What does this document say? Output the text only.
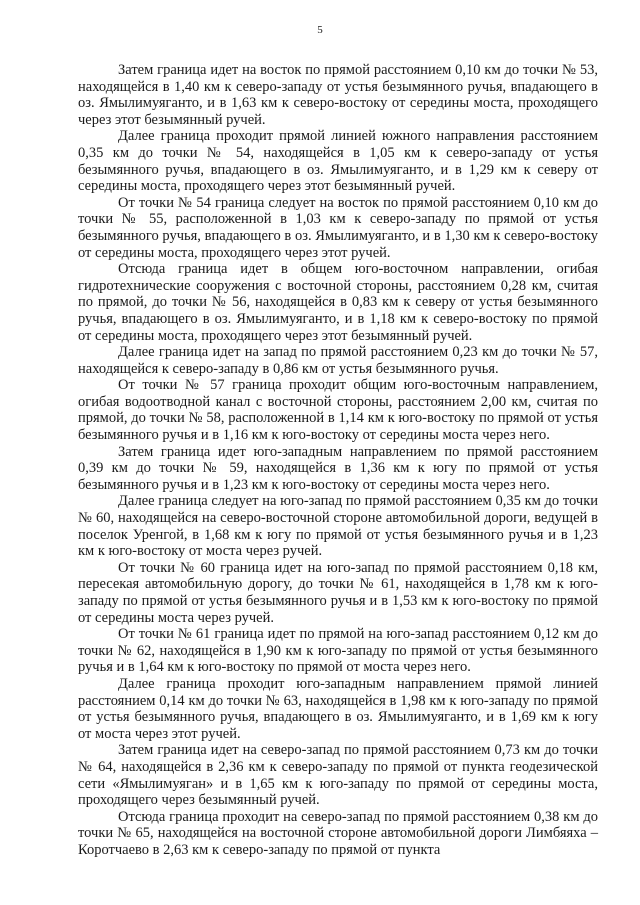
5

Затем граница идет на восток по прямой расстоянием 0,10 км до точки № 53, находящейся в 1,40 км к северо-западу от устья безымянного ручья, впадающего в оз. Ямылимуяганто, и в 1,63 км к северо-востоку от середины моста, проходящего через этот безымянный ручей.

Далее граница проходит прямой линией южного направления расстоянием 0,35 км до точки № 54, находящейся в 1,05 км к северо-западу от устья безымянного ручья, впадающего в оз. Ямылимуяганто, и в 1,29 км к северу от середины моста, проходящего через этот безымянный ручей.

От точки № 54 граница следует на восток по прямой расстоянием 0,10 км до точки № 55, расположенной в 1,03 км к северо-западу по прямой от устья безымянного ручья, впадающего в оз. Ямылимуяганто, и в 1,30 км к северо-востоку от середины моста, проходящего через этот ручей.

Отсюда граница идет в общем юго-восточном направлении, огибая гидротехнические сооружения с восточной стороны, расстоянием 0,28 км, считая по прямой, до точки № 56, находящейся в 0,83 км к северу от устья безымянного ручья, впадающего в оз. Ямылимуяганто, и в 1,18 км к северо-востоку по прямой от середины моста, проходящего через этот безымянный ручей.

Далее граница идет на запад по прямой расстоянием 0,23 км до точки № 57, находящейся к северо-западу в 0,86 км от устья безымянного ручья.

От точки № 57 граница проходит общим юго-восточным направлением, огибая водоотводной канал с восточной стороны, расстоянием 2,00 км, считая по прямой, до точки № 58, расположенной в 1,14 км к юго-востоку по прямой от устья безымянного ручья и в 1,16 км к юго-востоку от середины моста через него.

Затем граница идет юго-западным направлением по прямой расстоянием 0,39 км до точки № 59, находящейся в 1,36 км к югу по прямой от устья безымянного ручья и в 1,23 км к юго-востоку от середины моста через него.

Далее граница следует на юго-запад по прямой расстоянием 0,35 км до точки № 60, находящейся на северо-восточной стороне автомобильной дороги, ведущей в поселок Уренгой, в 1,68 км к югу по прямой от устья безымянного ручья и в 1,23 км к юго-востоку от моста через ручей.

От точки № 60 граница идет на юго-запад по прямой расстоянием 0,18 км, пересекая автомобильную дорогу, до точки № 61, находящейся в 1,78 км к юго-западу по прямой от устья безымянного ручья и в 1,53 км к юго-востоку по прямой от середины моста через ручей.

От точки № 61 граница идет по прямой на юго-запад расстоянием 0,12 км до точки № 62, находящейся в 1,90 км к юго-западу по прямой от устья безымянного ручья и в 1,64 км к юго-востоку по прямой от моста через него.

Далее граница проходит юго-западным направлением прямой линией расстоянием 0,14 км до точки № 63, находящейся в 1,98 км к юго-западу по прямой от устья безымянного ручья, впадающего в оз. Ямылимуяганто, и в 1,69 км к югу от моста через этот ручей.

Затем граница идет на северо-запад по прямой расстоянием 0,73 км до точки № 64, находящейся в 2,36 км к северо-западу по прямой от пункта геодезической сети «Ямылимуяган» и в 1,65 км к юго-западу по прямой от середины моста, проходящего через безымянный ручей.

Отсюда граница проходит на северо-запад по прямой расстоянием 0,38 км до точки № 65, находящейся на восточной стороне автомобильной дороги Лимбяяха – Коротчаево в 2,63 км к северо-западу по прямой от пункта
